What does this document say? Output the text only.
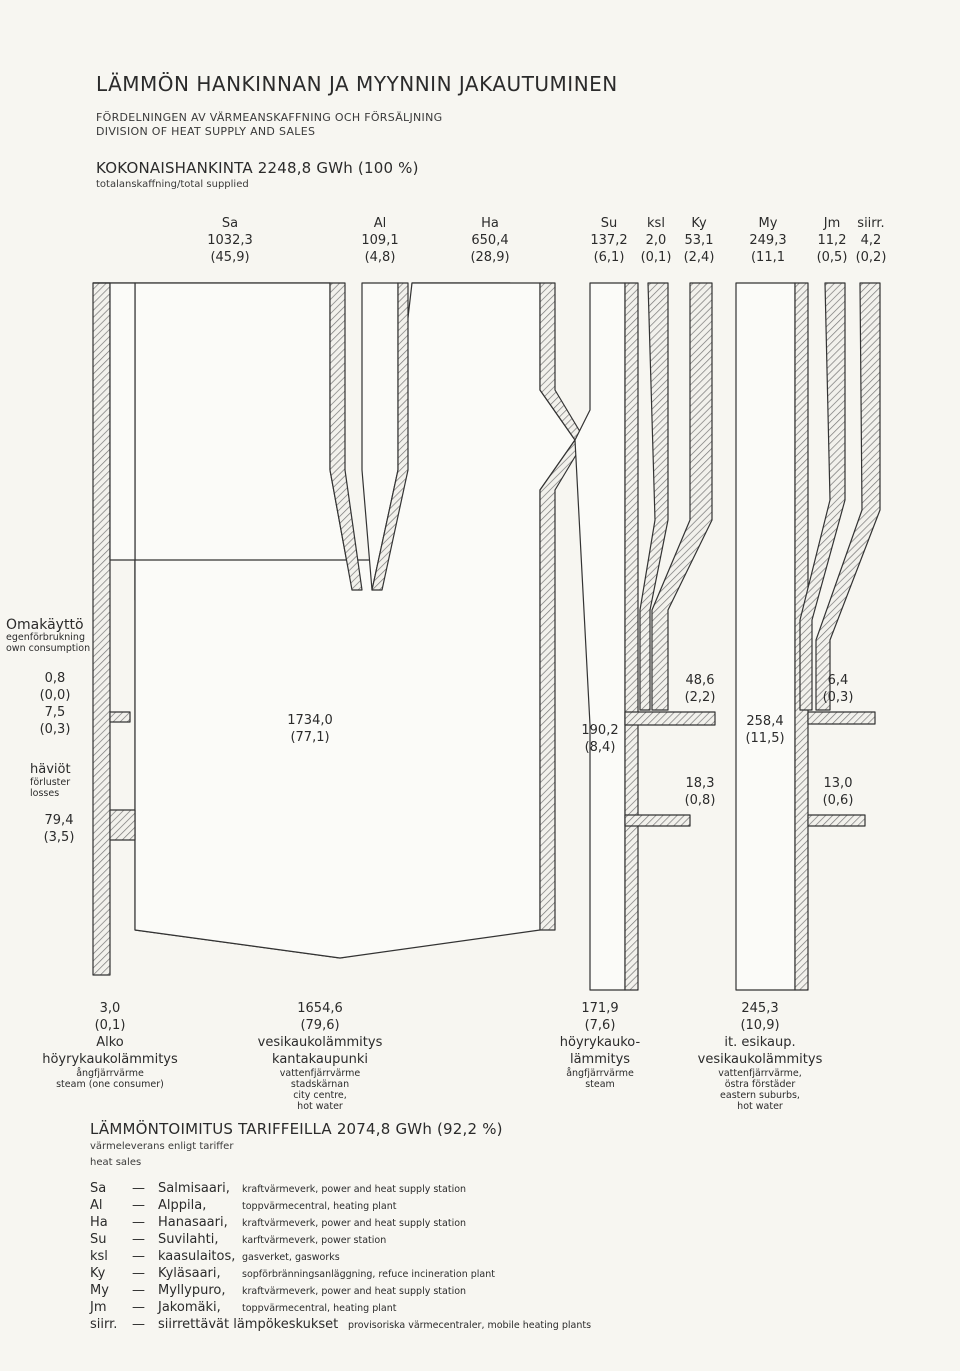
LÄMMÖN HANKINNAN JA MYYNNIN JAKAUTUMINEN
FÖRDELNINGEN AV VÄRMEANSKAFFNING OCH FÖRSÄLJNING
DIVISION OF HEAT SUPPLY AND SALES
KOKONAISHANKINTA 2248,8 GWh (100 %)
totalanskaffning/total supplied
Sa
1032,3
(45,9)
Al
109,1
(4,8)
Ha
650,4
(28,9)
Su
137,2
(6,1)
ksl
2,0
(0,1)
Ky
53,1
(2,4)
My
249,3
(11,1
Jm
11,2
(0,5)
siirr.
4,2
(0,2)
Omakäyttö
egenförbrukning
own consumption
0,8
(0,0)
7,5
(0,3)
häviöt
förluster
losses
79,4
(3,5)
1734,0
(77,1)	190,2
(8,4)
48,6
(2,2)
18,3
(0,8)
258,4
(11,5)
6,4
(0,3)
13,0
(0,6)
3,0
(0,1)
Alko
höyrykaukolämmitys
ångfjärrvärme
steam (one consumer)
1654,6
(79,6)
vesikaukolämmitys
kantakaupunki
vattenfjärrvärme
stadskärnan
city centre,
hot water
171,9
(7,6)
höyrykauko-
lämmitys
ångfjärrvärme
steam
245,3
(10,9)
it. esikaup.
vesikaukolämmitys
vattenfjärrvärme,
östra förstäder
eastern suburbs,
hot water
LÄMMÖNTOIMITUS TARIFFEILLA 2074,8 GWh (92,2 %)
värmeleverans enligt tariffer
heat sales
Sa — Salmisaari, kraftvärmeverk, power and heat supply station
Al — Alppila,	toppvärmecentral, heating plant
Ha — Hanasaari, kraftvärmeverk, power and heat supply station
Su — Suvilahti, karftvärmeverk, power station
ksl — kaasulaitos, gasverket, gasworks
Ky — Kyläsaari, sopförbränningsanläggning, refuce incineration plant
My — Myllypuro, kraftvärmeverk, power and heat supply station
Jm — Jakomäki, toppvärmecentral, heating plant
siirr. — siirrettävät lämpökeskukset provisoriska värmecentraler, mobile heating plants
